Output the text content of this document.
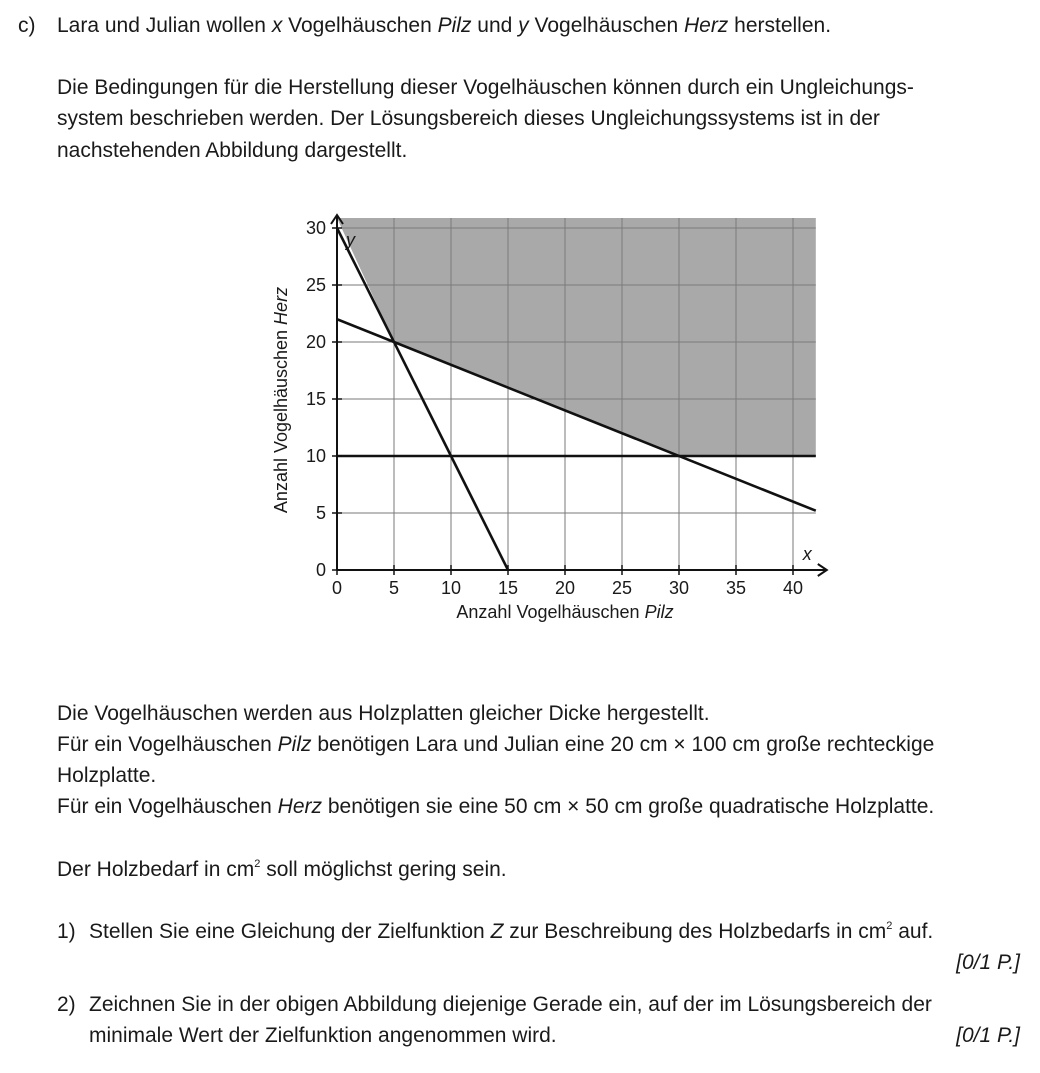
c) Lara und Julian wollen x Vogelhäuschen Pilz und y Vogelhäuschen Herz herstellen.
Die Bedingungen für die Herstellung dieser Vogelhäuschen können durch ein Ungleichungs-
system beschrieben werden. Der Lösungsbereich dieses Ungleichungssystems ist in der
nachstehenden Abbildung dargestellt.
0	5 10 15 20 25 30 35 40
0
5
10
15
20
25
30
x
y
Anzahl Vogelhäuschen Pilz
Anzahl Vogelhäuschen Herz
Die Vogelhäuschen werden aus Holzplatten gleicher Dicke hergestellt.
Für ein Vogelhäuschen Pilz benötigen Lara und Julian eine 20 cm × 100 cm große rechteckige
Holzplatte.
Für ein Vogelhäuschen Herz benötigen sie eine 50 cm × 50 cm große quadratische Holzplatte.
Der Holzbedarf in $cm^2$ soll möglichst gering sein.
1) Stellen Sie eine Gleichung der Zielfunktion Z zur Beschreibung des Holzbedarfs in $cm^2$ auf.
[0/1 P.]
2) Zeichnen Sie in der obigen Abbildung diejenige Gerade ein, auf der im Lösungsbereich der
minimale Wert der Zielfunktion angenommen wird.	[0/1 P.]
